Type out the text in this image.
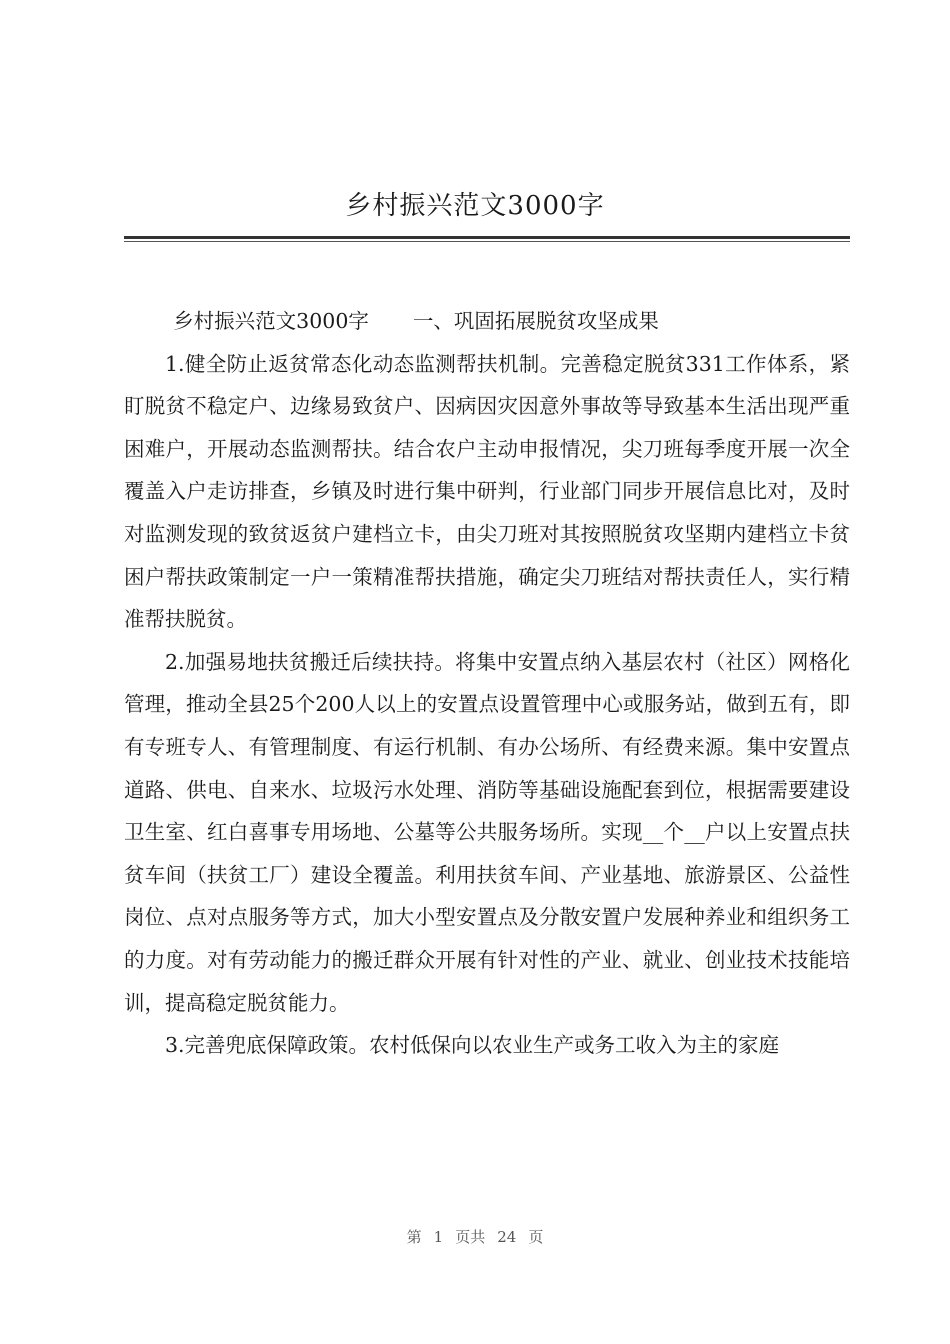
乡村振兴范文3000字

乡村振兴范文3000字 一、巩固拓展脱贫攻坚成果

1.健全防止返贫常态化动态监测帮扶机制。完善稳定脱贫331工作体系，紧盯脱贫不稳定户、边缘易致贫户、因病因灾因意外事故等导致基本生活出现严重困难户，开展动态监测帮扶。结合农户主动申报情况，尖刀班每季度开展一次全覆盖入户走访排查，乡镇及时进行集中研判，行业部门同步开展信息比对，及时对监测发现的致贫返贫户建档立卡，由尖刀班对其按照脱贫攻坚期内建档立卡贫困户帮扶政策制定一户一策精准帮扶措施，确定尖刀班结对帮扶责任人，实行精准帮扶脱贫。

2.加强易地扶贫搬迁后续扶持。将集中安置点纳入基层农村（社区）网格化管理，推动全县25个200人以上的安置点设置管理中心或服务站，做到五有，即有专班专人、有管理制度、有运行机制、有办公场所、有经费来源。集中安置点道路、供电、自来水、垃圾污水处理、消防等基础设施配套到位，根据需要建设卫生室、红白喜事专用场地、公墓等公共服务场所。实现__个__户以上安置点扶贫车间（扶贫工厂）建设全覆盖。利用扶贫车间、产业基地、旅游景区、公益性岗位、点对点服务等方式，加大小型安置点及分散安置户发展种养业和组织务工的力度。对有劳动能力的搬迁群众开展有针对性的产业、就业、创业技术技能培训，提高稳定脱贫能力。

3.完善兜底保障政策。农村低保向以农业生产或务工收入为主的家庭

第 1 页共 24 页
